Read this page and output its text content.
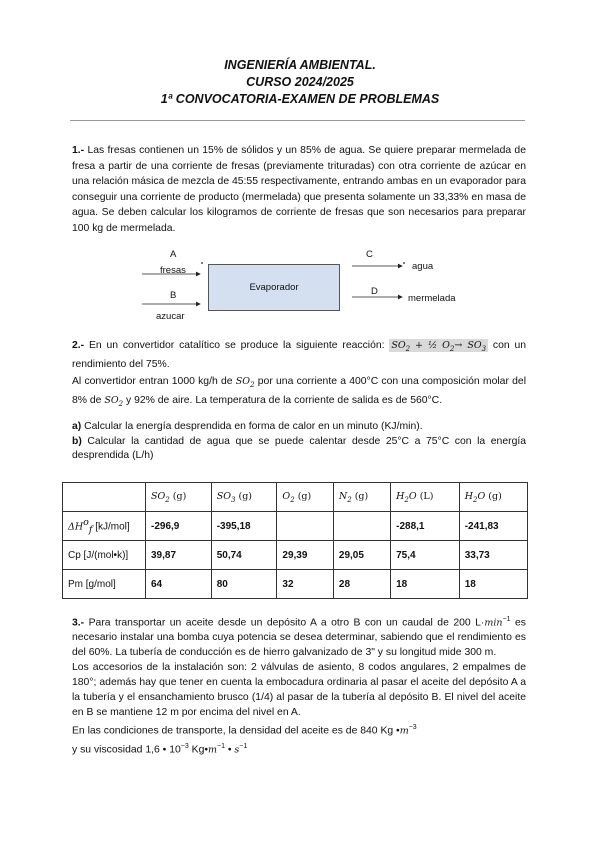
INGENIERÍA AMBIENTAL.
CURSO 2024/2025
1ª CONVOCATORIA-EXAMEN DE PROBLEMAS
1.- Las fresas contienen un 15% de sólidos y un 85% de agua. Se quiere preparar mermelada de fresa a partir de una corriente de fresas (previamente trituradas) con otra corriente de azúcar en una relación másica de mezcla de 45:55 respectivamente, entrando ambas en un evaporador para conseguir una corriente de producto (mermelada) que presenta solamente un 33,33% en masa de agua. Se deben calcular los kilogramos de corriente de fresas que son necesarios para preparar 100 kg de mermelada.
Evaporador
A
fresas
B
azucar
C
agua
D
mermelada
2.- En un convertidor catalítico se produce la siguiente reacción: $SO_2$ + ½ $O_2\to SO_3$ con un rendimiento del 75%.
Al convertidor entran 1000 kg/h de $SO_2$ por una corriente a 400°C con una composición molar del 8% de $SO_2$ y 92% de aire. La temperatura de la corriente de salida es de 560°C.
a) Calcular la energía desprendida en forma de calor en un minuto (KJ/min).
b) Calcular la cantidad de agua que se puede calentar desde 25°C a 75°C con la energía desprendida (L/h)
	$SO_2$ (g)	$SO_3$ (g)	$O_2$ (g)	$N_2$ (g)	$H_2O$ (L)	$H_2O$ (g)
$\Delta H^o_f$ [kJ/mol]	-296,9	-395,18			-288,1	-241,83
Cp [J/(mol•k)]	39,87	50,74	29,39	29,05	75,4	33,73
Pm [g/mol]	64	80	32	28	18	18
3.- Para transportar un aceite desde un depósito A a otro B con un caudal de 200 $L\cdot\min^{-1}$ es necesario instalar una bomba cuya potencia se desea determinar, sabiendo que el rendimiento es del 60%. La tubería de conducción es de hierro galvanizado de 3" y su longitud mide 300 m.
Los accesorios de la instalación son: 2 válvulas de asiento, 8 codos angulares, 2 empalmes de 180°; además hay que tener en cuenta la embocadura ordinaria al pasar el aceite del depósito A a la tubería y el ensanchamiento brusco (1/4) al pasar de la tubería al depósito B. El nivel del aceite en B se mantiene 12 m por encima del nivel en A.
En las condiciones de transporte, la densidad del aceite es de 840 Kg $•m^{-3}$
y su viscosidad 1,6 • $10^{-3}$ $Kg•m^{-1}$ • $s^{-1}$
